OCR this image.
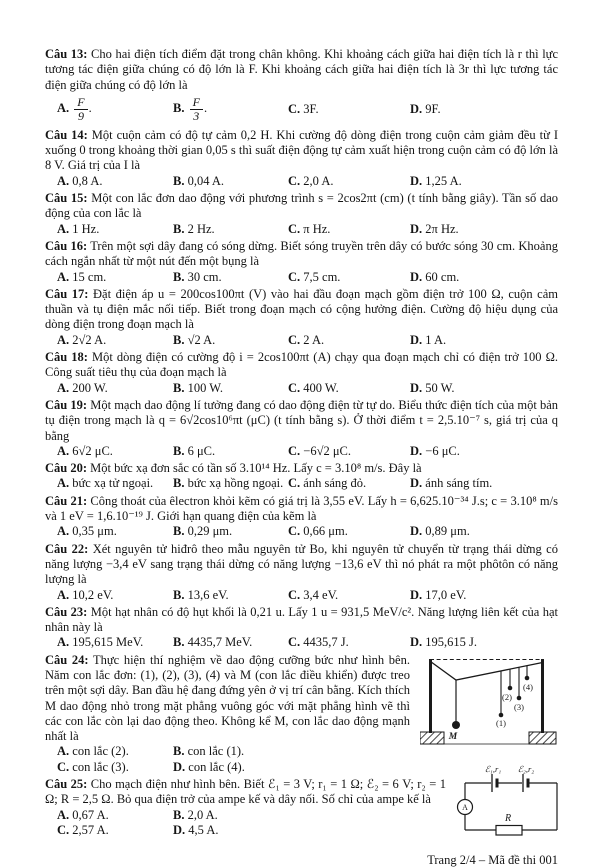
Câu 13: Cho hai điện tích điểm đặt trong chân không. Khi khoảng cách giữa hai điện tích là r thì lực tương tác điện giữa chúng có độ lớn là F. Khi khoảng cách giữa hai điện tích là 3r thì lực tương tác điện giữa chúng có độ lớn là

A. $\frac{F}{9}$ .	B. $\frac{F}{3}$ .	C. 3F.	D. 9F.

Câu 14: Một cuộn cảm có độ tự cảm 0,2 H. Khi cường độ dòng điện trong cuộn cảm giảm đều từ I xuống 0 trong khoảng thời gian 0,05 s thì suất điện động tự cảm xuất hiện trong cuộn cảm có độ lớn là 8 V. Giá trị của I là

A. 0,8 A.	B. 0,04 A.	C. 2,0 A.	D. 1,25 A.

Câu 15: Một con lắc đơn dao động với phương trình s = 2cos2πt (cm) (t tính bằng giây). Tần số dao động của con lắc là

A. 1 Hz.	B. 2 Hz.	C. π Hz.	D. 2π Hz.

Câu 16: Trên một sợi dây đang có sóng dừng. Biết sóng truyền trên dây có bước sóng 30 cm. Khoảng cách ngắn nhất từ một nút đến một bụng là

A. 15 cm.	B. 30 cm.	C. 7,5 cm.	D. 60 cm.

Câu 17: Đặt điện áp u = 200cos100πt (V) vào hai đầu đoạn mạch gồm điện trở 100 Ω, cuộn cảm thuần và tụ điện mắc nối tiếp. Biết trong đoạn mạch có cộng hưởng điện. Cường độ hiệu dụng của dòng điện trong đoạn mạch là

A. 2√2 A.	B. √2 A.	C. 2 A.	D. 1 A.

Câu 18: Một dòng điện có cường độ i = 2cos100πt (A) chạy qua đoạn mạch chỉ có điện trở 100 Ω. Công suất tiêu thụ của đoạn mạch là

A. 200 W.	B. 100 W.	C. 400 W.	D. 50 W.

Câu 19: Một mạch dao động lí tưởng đang có dao động điện từ tự do. Biểu thức điện tích của một bản tụ điện trong mạch là q = 6√2cos10⁶πt (μC) (t tính bằng s). Ở thời điểm t = 2,5.10⁻⁷ s, giá trị của q bằng

A. 6√2 μC.	B. 6 μC.	C. −6√2 μC.	D. −6 μC.

Câu 20: Một bức xạ đơn sắc có tần số 3.10¹⁴ Hz. Lấy c = 3.10⁸ m/s. Đây là

A. bức xạ tử ngoại.	B. bức xạ hồng ngoại. C. ánh sáng đỏ.	D. ánh sáng tím.

Câu 21: Công thoát của êlectron khỏi kẽm có giá trị là 3,55 eV. Lấy h = 6,625.10⁻³⁴ J.s; c = 3.10⁸ m/s và 1 eV = 1,6.10⁻¹⁹ J. Giới hạn quang điện của kẽm là

A. 0,35 μm.	B. 0,29 μm.	C. 0,66 μm.	D. 0,89 μm.

Câu 22: Xét nguyên tử hiđrô theo mẫu nguyên tử Bo, khi nguyên tử chuyển từ trạng thái dừng có năng lượng −3,4 eV sang trạng thái dừng có năng lượng −13,6 eV thì nó phát ra một phôtôn có năng lượng là

A. 10,2 eV.	B. 13,6 eV.	C. 3,4 eV.	D. 17,0 eV.

Câu 23: Một hạt nhân có độ hụt khối là 0,21 u. Lấy 1 u = 931,5 MeV/c². Năng lượng liên kết của hạt nhân này là

A. 195,615 MeV.	B. 4435,7 MeV.	C. 4435,7 J.	D. 195,615 J.
M
(1)
(2)
(3)
(4)

Câu 24: Thực hiện thí nghiệm về dao động cưỡng bức như hình bên. Năm con lắc đơn: (1), (2), (3), (4) và M (con lắc điều khiển) được treo trên một sợi dây. Ban đầu hệ đang đứng yên ở vị trí cân bằng. Kích thích M dao động nhỏ trong mặt phẳng vuông góc với mặt phẳng hình vẽ thì các con lắc còn lại dao động theo. Không kể M, con lắc dao động mạnh nhất là

A. con lắc (2).	B. con lắc (1).
C. con lắc (3).	D. con lắc (4).	ℰ₁,r₁ ℰ₂,r₂
A
R

Câu 25: Cho mạch điện như hình bên. Biết ℰ₁ = 3 V; r₁ = 1 Ω; ℰ₂ = 6 V; r₂ = 1 Ω; R = 2,5 Ω. Bỏ qua điện trở của ampe kế và dây nối. Số chỉ của ampe kế là

A. 0,67 A.	B. 2,0 A.
C. 2,57 A.	D. 4,5 A.
Trang 2/4 – Mã đề thi 001
